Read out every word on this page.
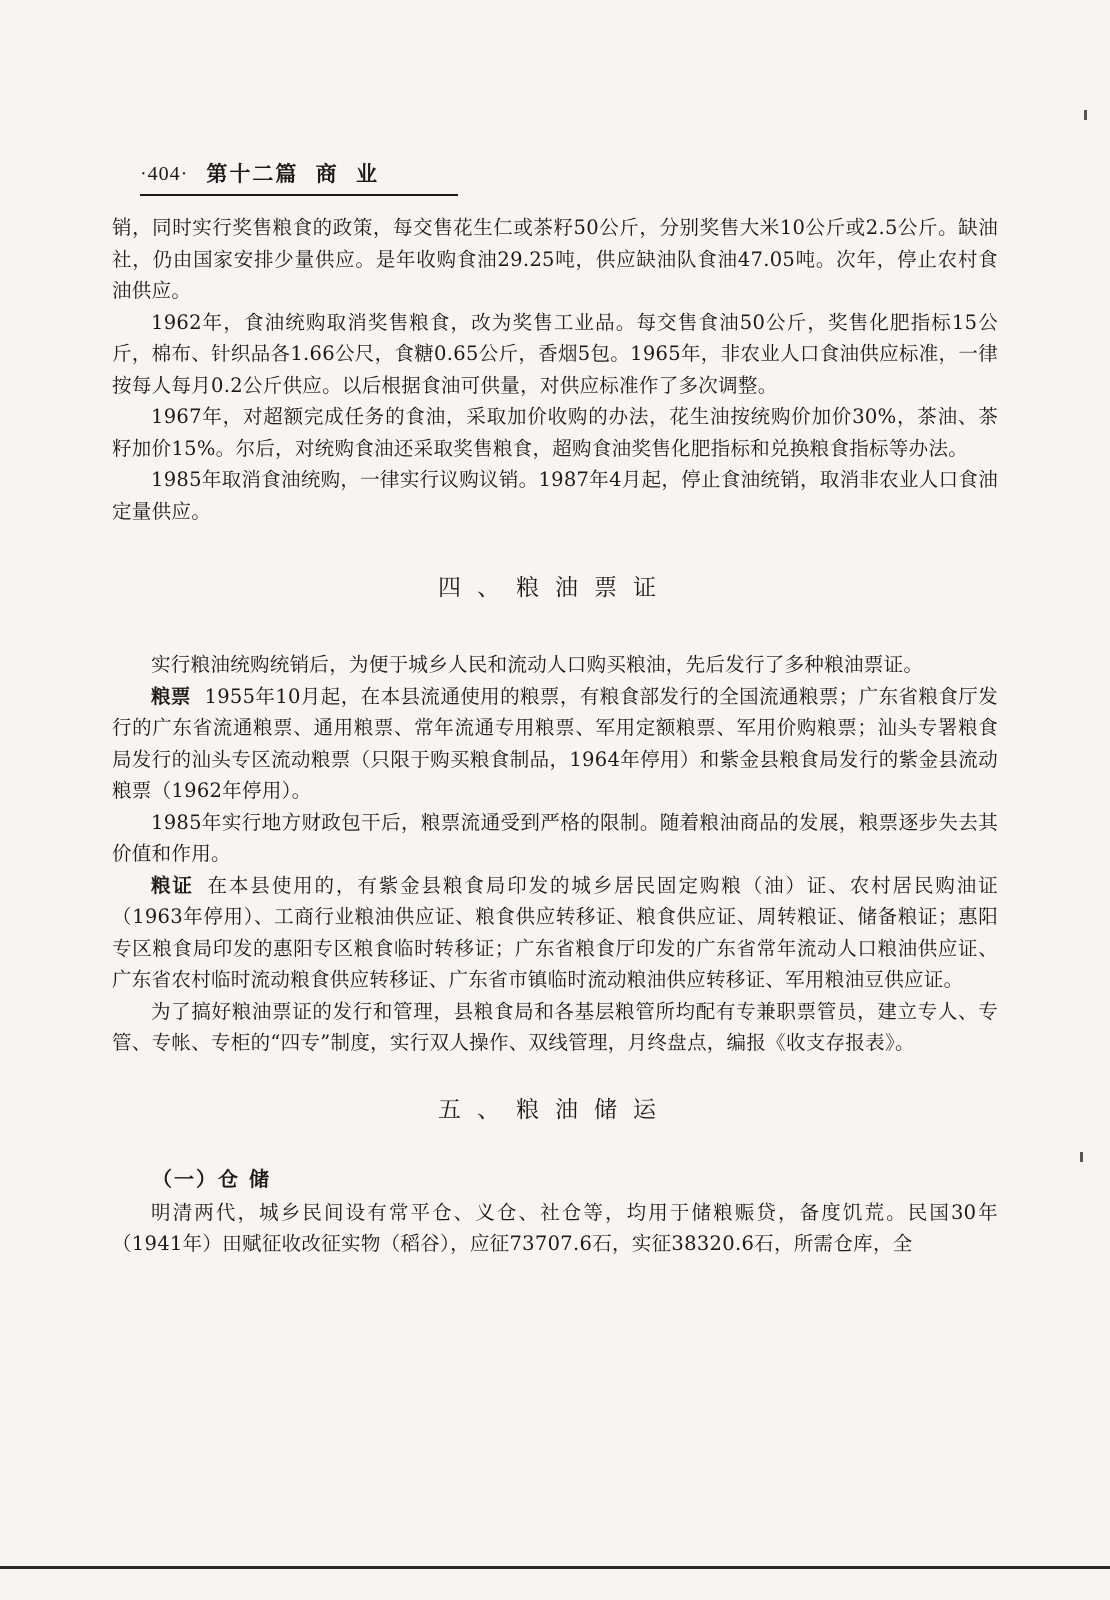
·404· 第十二篇 商 业

销，同时实行奖售粮食的政策，每交售花生仁或茶籽50公斤，分别奖售大米10公斤或2.5公斤。缺油社，仍由国家安排少量供应。是年收购食油29.25吨，供应缺油队食油47.05吨。次年，停止农村食油供应。

1962年，食油统购取消奖售粮食，改为奖售工业品。每交售食油50公斤，奖售化肥指标15公斤，棉布、针织品各1.66公尺，食糖0.65公斤，香烟5包。1965年，非农业人口食油供应标准，一律按每人每月0.2公斤供应。以后根据食油可供量，对供应标准作了多次调整。

1967年，对超额完成任务的食油，采取加价收购的办法，花生油按统购价加价30%，茶油、茶籽加价15%。尔后，对统购食油还采取奖售粮食，超购食油奖售化肥指标和兑换粮食指标等办法。

1985年取消食油统购，一律实行议购议销。1987年4月起，停止食油统销，取消非农业人口食油定量供应。

四、粮油票证

实行粮油统购统销后，为便于城乡人民和流动人口购买粮油，先后发行了多种粮油票证。

粮票 1955年10月起，在本县流通使用的粮票，有粮食部发行的全国流通粮票；广东省粮食厅发行的广东省流通粮票、通用粮票、常年流通专用粮票、军用定额粮票、军用价购粮票；汕头专署粮食局发行的汕头专区流动粮票（只限于购买粮食制品，1964年停用）和紫金县粮食局发行的紫金县流动粮票（1962年停用）。

1985年实行地方财政包干后，粮票流通受到严格的限制。随着粮油商品的发展，粮票逐步失去其价值和作用。

粮证 在本县使用的，有紫金县粮食局印发的城乡居民固定购粮（油）证、农村居民购油证（1963年停用）、工商行业粮油供应证、粮食供应转移证、粮食供应证、周转粮证、储备粮证；惠阳专区粮食局印发的惠阳专区粮食临时转移证；广东省粮食厅印发的广东省常年流动人口粮油供应证、广东省农村临时流动粮食供应转移证、广东省市镇临时流动粮油供应转移证、军用粮油豆供应证。

为了搞好粮油票证的发行和管理，县粮食局和各基层粮管所均配有专兼职票管员，建立专人、专管、专帐、专柜的“四专”制度，实行双人操作、双线管理，月终盘点，编报《收支存报表》。

五、粮油储运
（一）仓 储

明清两代，城乡民间设有常平仓、义仓、社仓等，均用于储粮赈贷，备度饥荒。民国30年（1941年）田赋征收改征实物（稻谷），应征73707.6石，实征38320.6石，所需仓库，全
